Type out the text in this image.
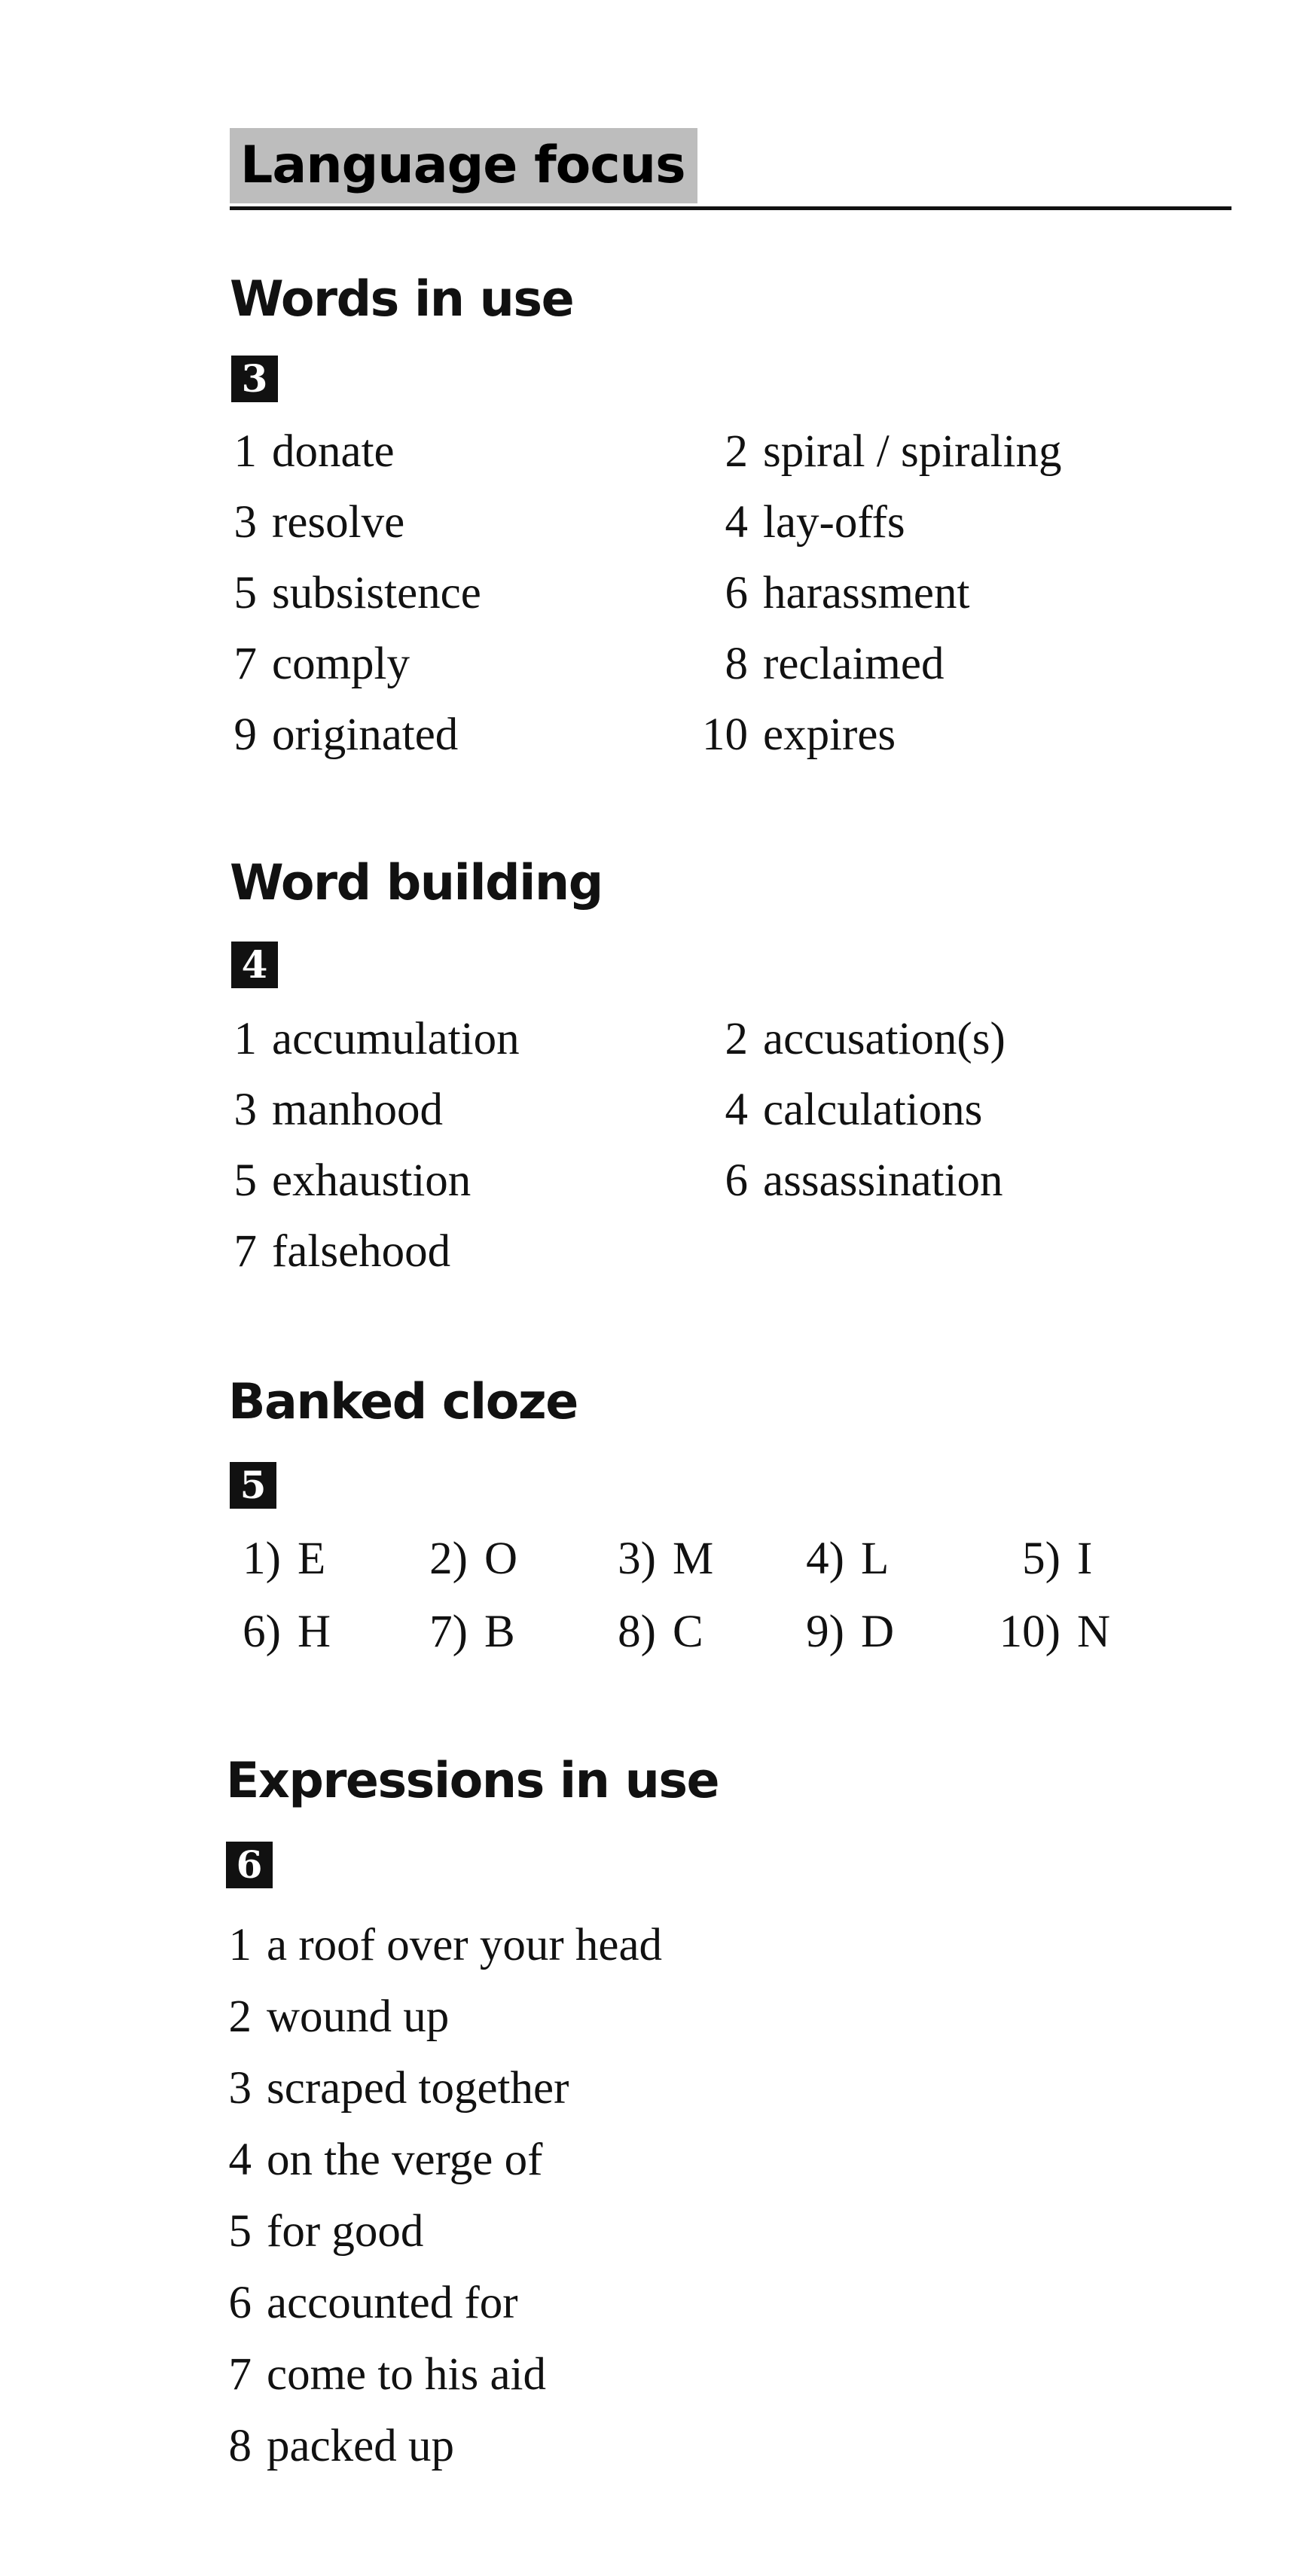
Language focus
Words in use
3
1 donate	2 spiral / spiraling
3 resolve	4 lay-offs
5 subsistence	6 harassment
7 comply	8 reclaimed
9 originated	10 expires
Word building
4
1 accumulation	2 accusation(s)
3 manhood	4 calculations
5 exhaustion	6 assassination
7 falsehood
Banked cloze
5
1) E	2) O	3) M	4) L	5) I
6) H	7) B	8) C	9) D 10) N
Expressions in use
6
1 a roof over your head
2 wound up
3 scraped together
4 on the verge of
5 for good
6 accounted for
7 come to his aid
8 packed up
